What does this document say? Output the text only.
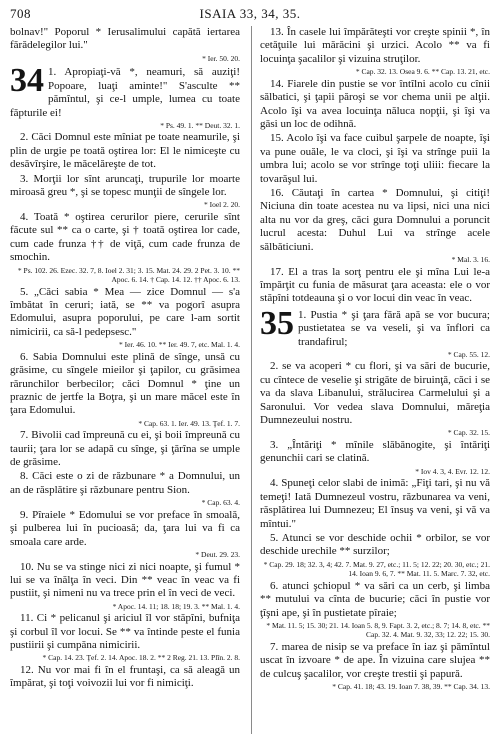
708	ISAIA 33, 34, 35.

bolnav!" Poporul * Ierusalimului capătă iertarea fărădelegilor lui."

* Ier. 50. 20.
34 1. Apropiaţi-vă *, neamuri, să auziţi! Popoare, luaţi aminte!" S'asculte ** pămîntul, şi ce-l umple, lumea cu toate făpturile ei!
* Ps. 49. 1. ** Deut. 32. 1.

2. Căci Domnul este mîniat pe toate neamurile, şi plin de urgie pe toată oştirea lor: El le nimiceşte cu desăvîrşire, le măcelăreşte de tot.

3. Morţii lor sînt aruncaţi, trupurile lor moarte miroasă greu *, şi se topesc munţii de sîngele lor.

* Ioel 2. 20.

4. Toată * oştirea cerurilor piere, cerurile sînt făcute sul ** ca o carte, şi † toată oştirea lor cade, cum cade frunza †† de viţă, cum cade frunza de smochin.

* Ps. 102. 26. Ezec. 32. 7, 8. Ioel 2. 31; 3. 15. Mat. 24. 29. 2 Pet. 3. 10. ** Apoc. 6. 14. † Cap. 14. 12. †† Apoc. 6. 13.

5. „Căci sabia * Mea — zice Domnul — s'a îmbătat în ceruri; iată, se ** va pogorî asupra Edomului, asupra poporului, pe care l-am sortit nimicirii, ca să-l pedepsesc."

* Ier. 46. 10. ** Ier. 49. 7, etc. Mal. 1. 4.

6. Sabia Domnului este plină de sînge, unsă cu grăsime, cu sîngele mieilor şi ţapilor, cu grăsimea rărunchilor berbecilor; căci Domnul * ţine un praznic de jertfe la Boţra, şi un mare măcel este în ţara Edomului.

* Cap. 63. 1. Ier. 49. 13. Ţef. 1. 7.

7. Bivolii cad împreună cu ei, şi boii împreună cu taurii; ţara lor se adapă cu sînge, şi ţărîna se umple de grăsime.

8. Căci este o zi de răzbunare * a Domnului, un an de răsplătire şi răzbunare pentru Sion.

* Cap. 63. 4.

9. Pîraiele * Edomului se vor preface în smoală, şi pulberea lui în pucioasă; da, ţara lui va fi ca smoala care arde.

* Deut. 29. 23.

10. Nu se va stinge nici zi nici noapte, şi fumul * lui se va înălţa în veci. Din ** veac în veac va fi pustiit, şi nimeni nu va trece prin el în veci de veci.

* Apoc. 14. 11; 18. 18; 19. 3. ** Mal. 1. 4.

11. Ci * pelicanul şi ariciul îl vor stăpîni, bufniţa şi corbul îl vor locui. Se ** va întinde peste el funia pustiirii şi cumpăna nimicirii.

* Cap. 14. 23. Ţef. 2. 14. Apoc. 18. 2. ** 2 Reg. 21. 13. Plîn. 2. 8.

12. Nu vor mai fi în el fruntaşi, ca să aleagă un împărat, şi toţi voivozii lui vor fi nimiciţi.

13. În casele lui împărăteşti vor creşte spinii *, în cetăţuile lui mărăcini şi urzici. Acolo ** va fi locuinţa şacalilor şi vizuina struţilor.

* Cap. 32. 13. Osea 9. 6. ** Cap. 13. 21, etc.

14. Fiarele din pustie se vor întîlni acolo cu cînii sălbatici, şi ţapii păroşi se vor chema unii pe alţii. Acolo îşi va avea locuinţa năluca nopţii, şi îşi va găsi un loc de odihnă.

15. Acolo îşi va face cuibul şarpele de noapte, îşi va pune ouăle, le va cloci, şi îşi va strînge puii la umbra lui; acolo se vor strînge toţi uliii: fiecare la tovarăşul lui.

16. Căutaţi în cartea * Domnului, şi citiţi! Niciuna din toate acestea nu va lipsi, nici una nici alta nu vor da greş, căci gura Domnului a poruncit lucrul acesta: Duhul Lui va strînge acele sălbăticiuni.

* Mal. 3. 16.

17. El a tras la sorţ pentru ele şi mîna Lui le-a împărţit cu funia de măsurat ţara aceasta: ele o vor stăpîni totdeauna şi o vor locui din veac în veac.

35 1. Pustia * şi ţara fără apă se vor bucura; pustietatea se va veseli, şi va înflori ca trandafirul;
* Cap. 55. 12.

2. se va acoperi * cu flori, şi va sări de bucurie, cu cîntece de veselie şi strigăte de biruinţă, căci i se va da slava Libanului, strălucirea Carmelului şi a Saronului. Vor vedea slava Domnului, măreţia Dumnezeului nostru.

* Cap. 32. 15.

3. „Întăriţi * mînile slăbănogite, şi întăriţi genunchii cari se clatină.

* Iov 4. 3, 4. Evr. 12. 12.

4. Spuneţi celor slabi de inimă: „Fiţi tari, şi nu vă temeţi! Iată Dumnezeul vostru, răzbunarea va veni, răsplătirea lui Dumnezeu; El însuş va veni, şi vă va mîntui."

5. Atunci se vor deschide ochii * orbilor, se vor deschide urechile ** surzilor;

* Cap. 29. 18; 32. 3, 4; 42. 7. Mat. 9. 27, etc.; 11. 5; 12. 22; 20. 30, etc.; 21. 14. Ioan 9. 6, 7. ** Mat. 11. 5. Marc. 7. 32, etc.

6. atunci şchiopul * va sări ca un cerb, şi limba ** mutului va cînta de bucurie; căci în pustie vor ţîşni ape, şi în pustietate pîraie;

* Mat. 11. 5; 15. 30; 21. 14. Ioan 5. 8, 9. Fapt. 3. 2, etc.; 8. 7; 14. 8, etc. ** Cap. 32. 4. Mat. 9. 32, 33; 12. 22; 15. 30.

7. marea de nisip se va preface în iaz şi pămîntul uscat în izvoare * de ape. În vizuina care slujea ** de culcuş şacalilor, vor creşte trestii şi papură.

* Cap. 41. 18; 43. 19. Ioan 7. 38, 39. ** Cap. 34. 13.
